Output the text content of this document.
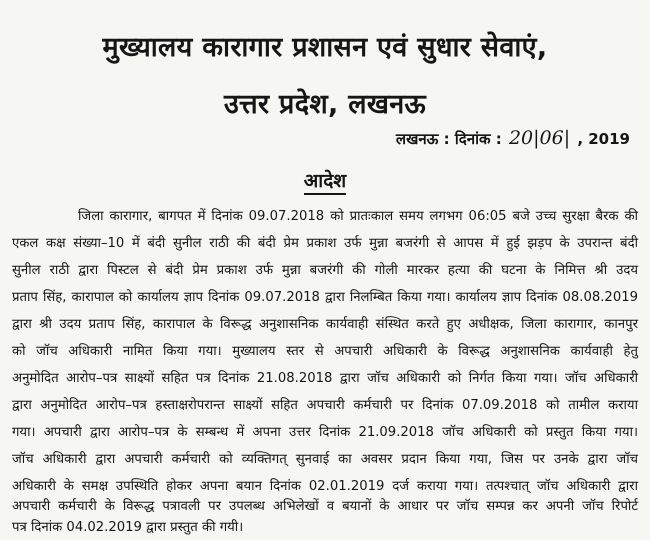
मुख्यालय कारागार प्रशासन एवं सुधार सेवाएं,
उत्तर प्रदेश, लखनऊ
लखनऊ : दिनांक : 20|06| , 2019
आदेश
जिला कारागार, बागपत में दिनांक 09.07.2018 को प्रातःकाल समय लगभग 06:05 बजे उच्च सुरक्षा बैरक की
एकल कक्ष संख्या–10 में बंदी सुनील राठी की बंदी प्रेम प्रकाश उर्फ मुन्ना बजरंगी से आपस में हुई झड़प के उपरान्त बंदी
सुनील राठी द्वारा पिस्टल से बंदी प्रेम प्रकाश उर्फ मुन्ना बजरंगी की गोली मारकर हत्या की घटना के निमित्त श्री उदय
प्रताप सिंह, कारापाल को कार्यालय ज्ञाप दिनांक 09.07.2018 द्वारा निलम्बित किया गया। कार्यालय ज्ञाप दिनांक 08.08.2019
द्वारा श्री उदय प्रताप सिंह, कारापाल के विरूद्ध अनुशासनिक कार्यवाही संस्थित करते हुए अधीक्षक, जिला कारागार, कानपुर
को जॉच अधिकारी नामित किया गया। मुख्यालय स्तर से अपचारी अधिकारी के विरूद्ध अनुशासनिक कार्यवाही हेतु
अनुमोदित आरोप–पत्र साक्ष्यों सहित पत्र दिनांक 21.08.2018 द्वारा जॉच अधिकारी को निर्गत किया गया। जॉच अधिकारी
द्वारा अनुमोदित आरोप–पत्र हस्ताक्षरोपरान्त साक्ष्यों सहित अपचारी कर्मचारी पर दिनांक 07.09.2018 को तामील कराया
गया। अपचारी द्वारा आरोप–पत्र के सम्बन्ध में अपना उत्तर दिनांक 21.09.2018 जॉच अधिकारी को प्रस्तुत किया गया।
जॉच अधिकारी द्वारा अपचारी कर्मचारी को व्यक्तिगत् सुनवाई का अवसर प्रदान किया गया, जिस पर उनके द्वारा जॉच
अधिकारी के समक्ष उपस्थिति होकर अपना बयान दिनांक 02.01.2019 दर्ज कराया गया। तत्पश्चात् जॉच अधिकारी द्वारा
अपचारी कर्मचारी के विरूद्ध पत्रावली पर उपलब्ध अभिलेखों व बयानों के आधार पर जॉच सम्पन्न कर अपनी जॉच रिपोर्ट
पत्र दिनांक 04.02.2019 द्वारा प्रस्तुत की गयी।
